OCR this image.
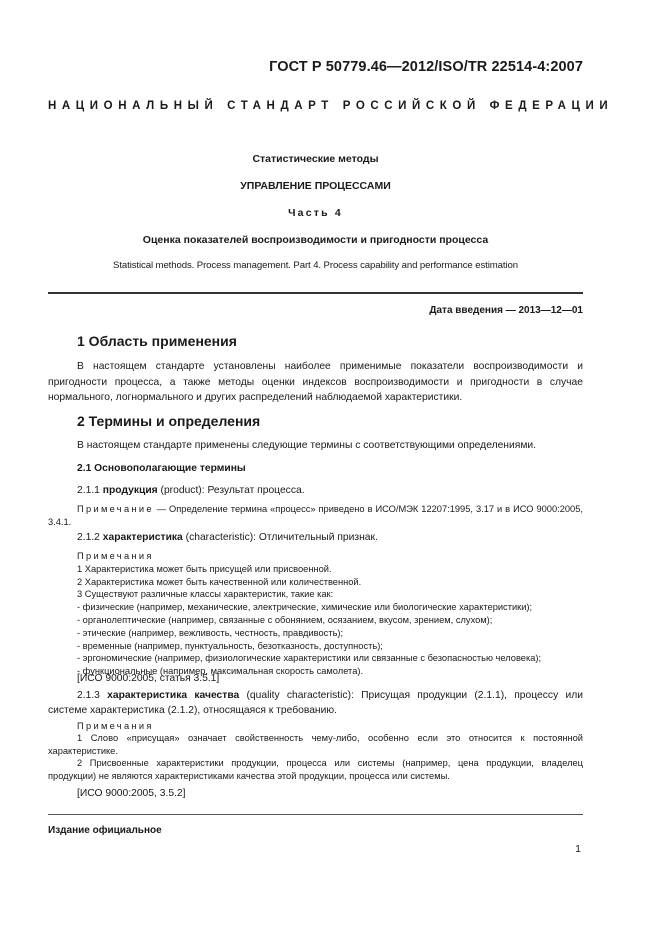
ГОСТ Р 50779.46—2012/ISO/TR 22514-4:2007
НАЦИОНАЛЬНЫЙ СТАНДАРТ РОССИЙСКОЙ ФЕДЕРАЦИИ
Статистические методы
УПРАВЛЕНИЕ ПРОЦЕССАМИ
Часть 4
Оценка показателей воспроизводимости и пригодности процесса
Statistical methods. Process management. Part 4. Process capability and performance estimation
Дата введения — 2013—12—01
1 Область применения
В настоящем стандарте установлены наиболее применимые показатели воспроизводимости и пригодности процесса, а также методы оценки индексов воспроизводимости и пригодности в случае нормального, логнормального и других распределений наблюдаемой характеристики.
2 Термины и определения
В настоящем стандарте применены следующие термины с соответствующими определениями.
2.1 Основополагающие термины
2.1.1 продукция (product): Результат процесса.
Примечание — Определение термина «процесс» приведено в ИСО/МЭК 12207:1995, 3.17 и в ИСО 9000:2005, 3.4.1.
2.1.2 характеристика (characteristic): Отличительный признак.
Примечания
1 Характеристика может быть присущей или присвоенной.
2 Характеристика может быть качественной или количественной.
3 Существуют различные классы характеристик, такие как:
- физические (например, механические, электрические, химические или биологические характеристики);
- органолептические (например, связанные с обонянием, осязанием, вкусом, зрением, слухом);
- этические (например, вежливость, честность, правдивость);
- временные (например, пунктуальность, безотказность, доступность);
- эргономические (например, физиологические характеристики или связанные с безопасностью человека);
- функциональные (например, максимальная скорость самолета).
[ИСО 9000:2005, статья 3.5.1]
2.1.3 характеристика качества (quality characteristic): Присущая продукции (2.1.1), процессу или системе характеристика (2.1.2), относящаяся к требованию.
Примечания
1 Слово «присущая» означает свойственность чему-либо, особенно если это относится к постоянной характеристике.
2 Присвоенные характеристики продукции, процесса или системы (например, цена продукции, владелец продукции) не являются характеристиками качества этой продукции, процесса или системы.
[ИСО 9000:2005, 3.5.2]
Издание официальное
1
